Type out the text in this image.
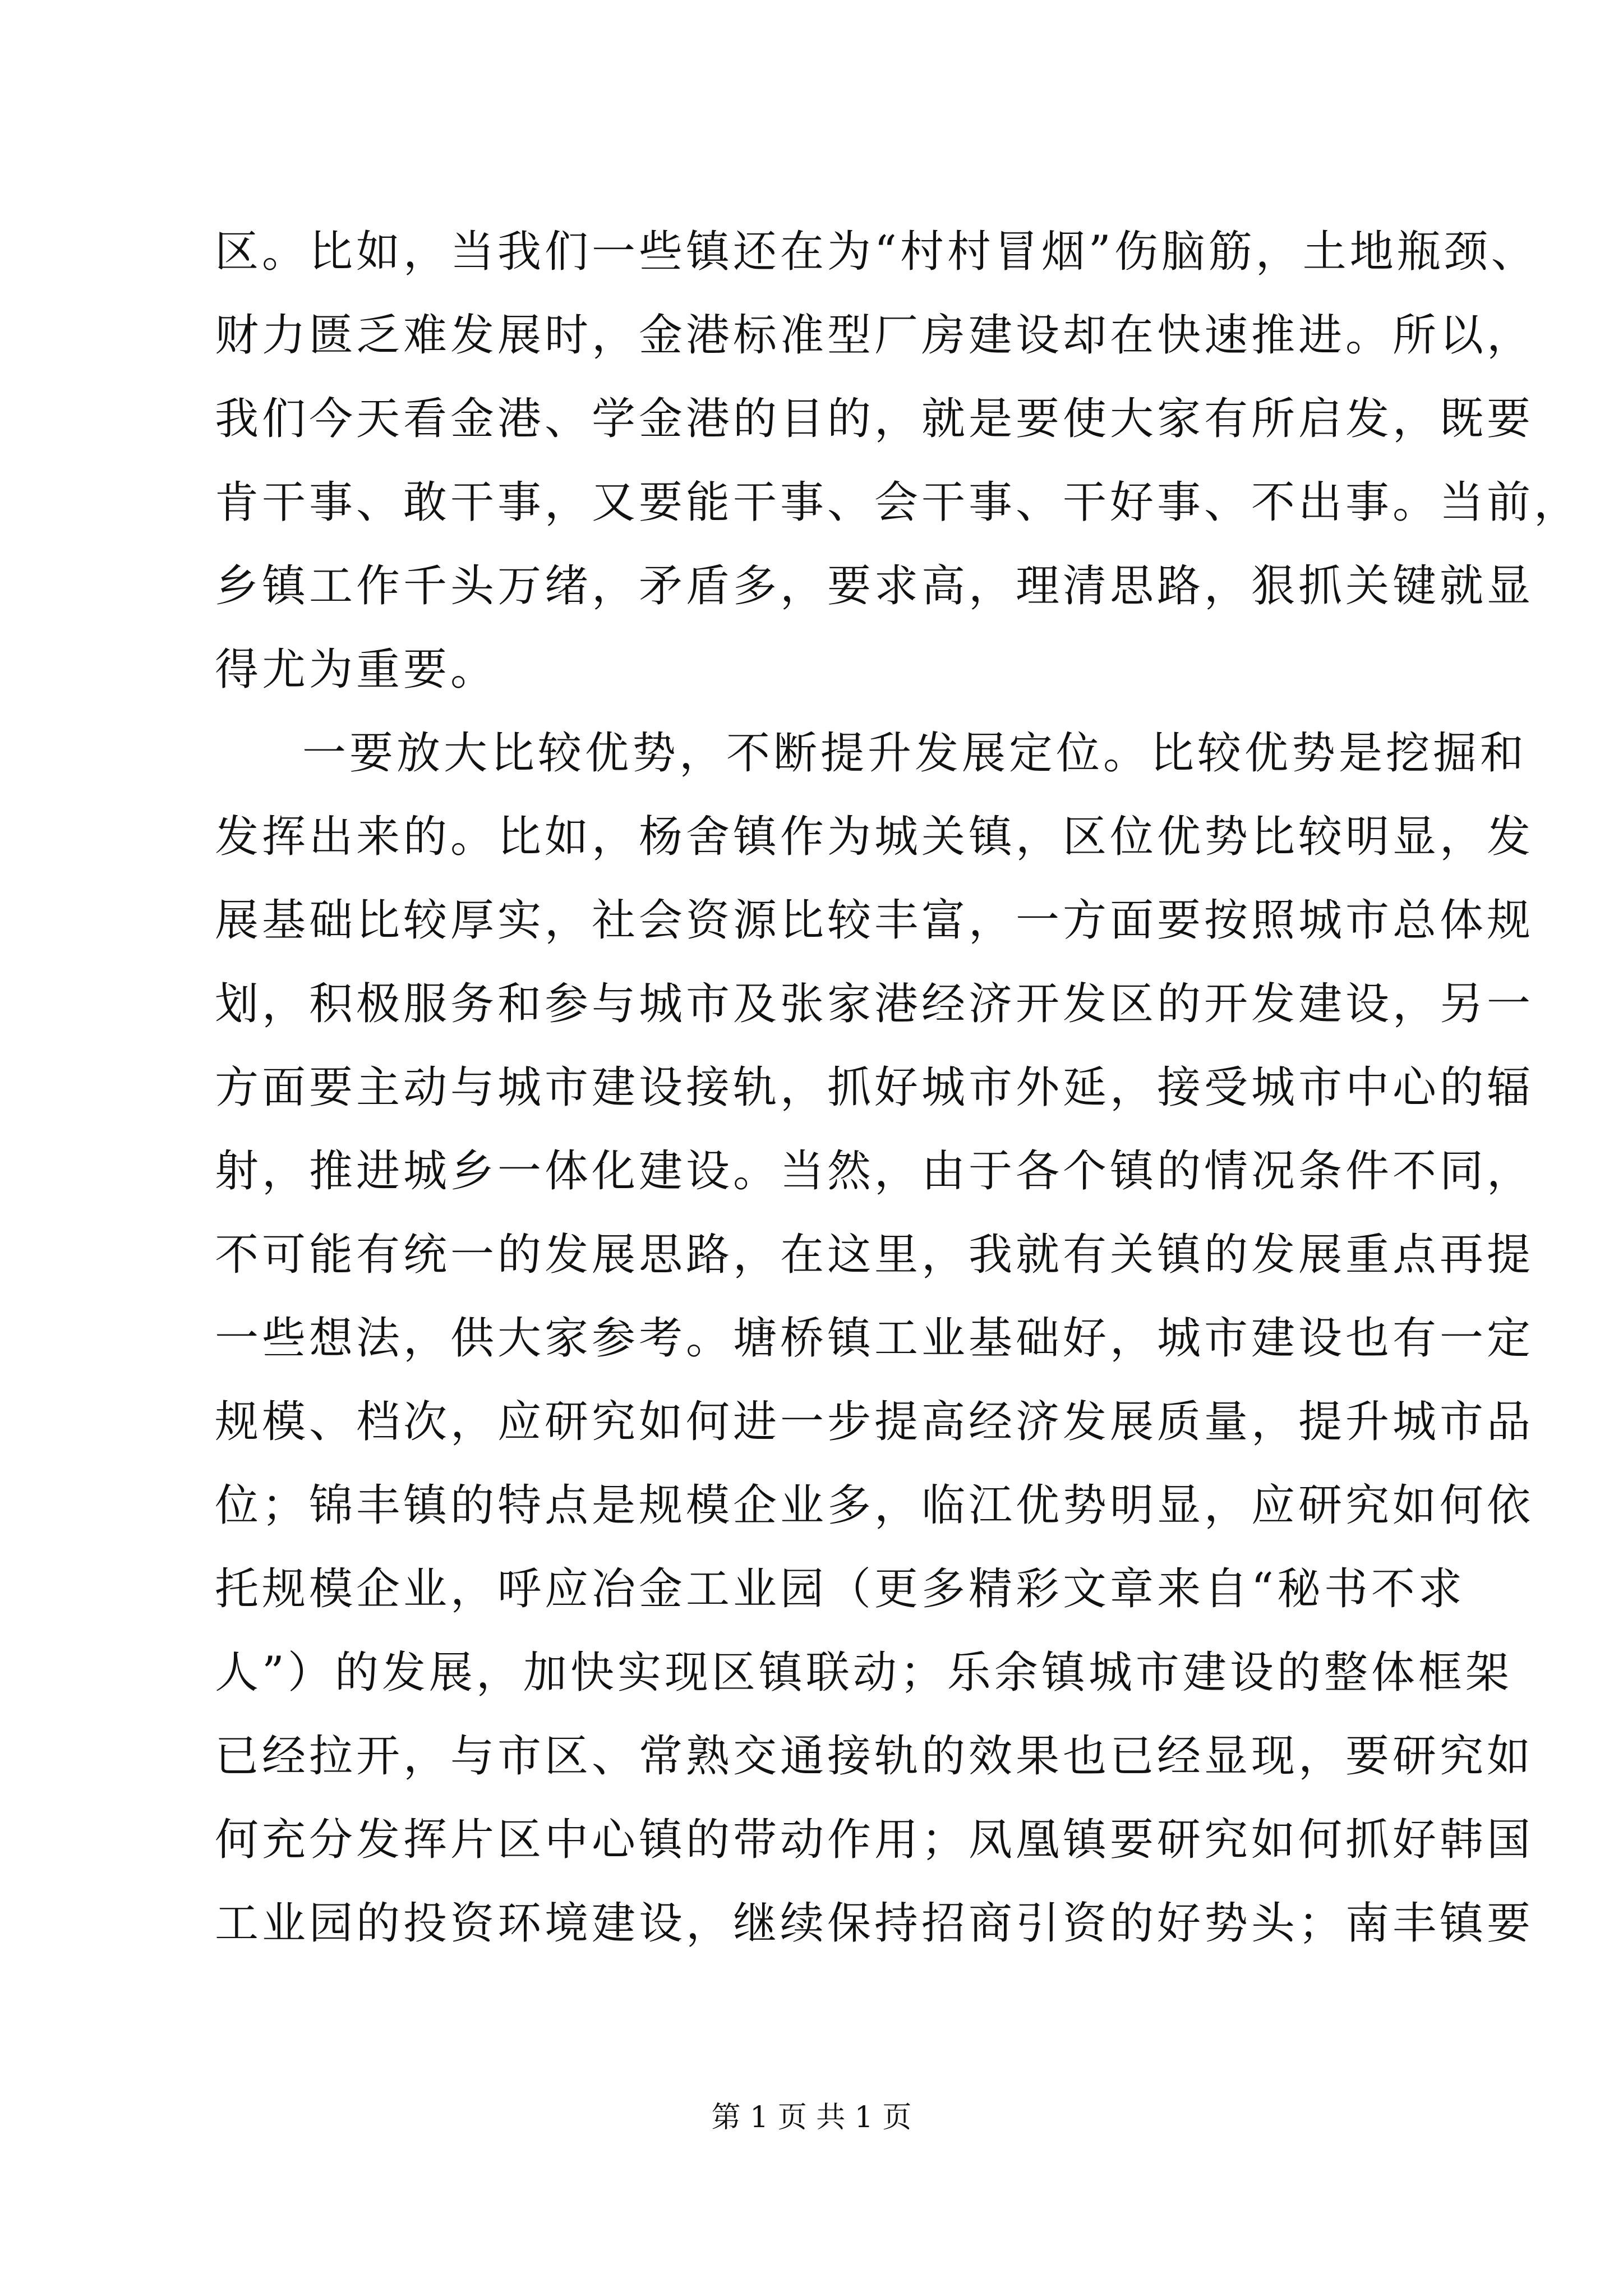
区。比如，当我们一些镇还在为“村村冒烟”伤脑筋，土地瓶颈、
财力匮乏难发展时，金港标准型厂房建设却在快速推进。所以，
我们今天看金港、学金港的目的，就是要使大家有所启发，既要
肯干事、敢干事，又要能干事、会干事、干好事、不出事。当前，
乡镇工作千头万绪，矛盾多，要求高，理清思路，狠抓关键就显
得尤为重要。
一要放大比较优势，不断提升发展定位。比较优势是挖掘和
发挥出来的。比如，杨舍镇作为城关镇，区位优势比较明显，发
展基础比较厚实，社会资源比较丰富，一方面要按照城市总体规
划，积极服务和参与城市及张家港经济开发区的开发建设，另一
方面要主动与城市建设接轨，抓好城市外延，接受城市中心的辐
射，推进城乡一体化建设。当然，由于各个镇的情况条件不同，
不可能有统一的发展思路，在这里，我就有关镇的发展重点再提
一些想法，供大家参考。塘桥镇工业基础好，城市建设也有一定
规模、档次，应研究如何进一步提高经济发展质量，提升城市品
位；锦丰镇的特点是规模企业多，临江优势明显，应研究如何依
托规模企业，呼应冶金工业园（更多精彩文章来自“秘书不求
人”）的发展，加快实现区镇联动；乐余镇城市建设的整体框架
已经拉开，与市区、常熟交通接轨的效果也已经显现，要研究如
何充分发挥片区中心镇的带动作用；凤凰镇要研究如何抓好韩国
工业园的投资环境建设，继续保持招商引资的好势头；南丰镇要
第 1 页 共 1 页
